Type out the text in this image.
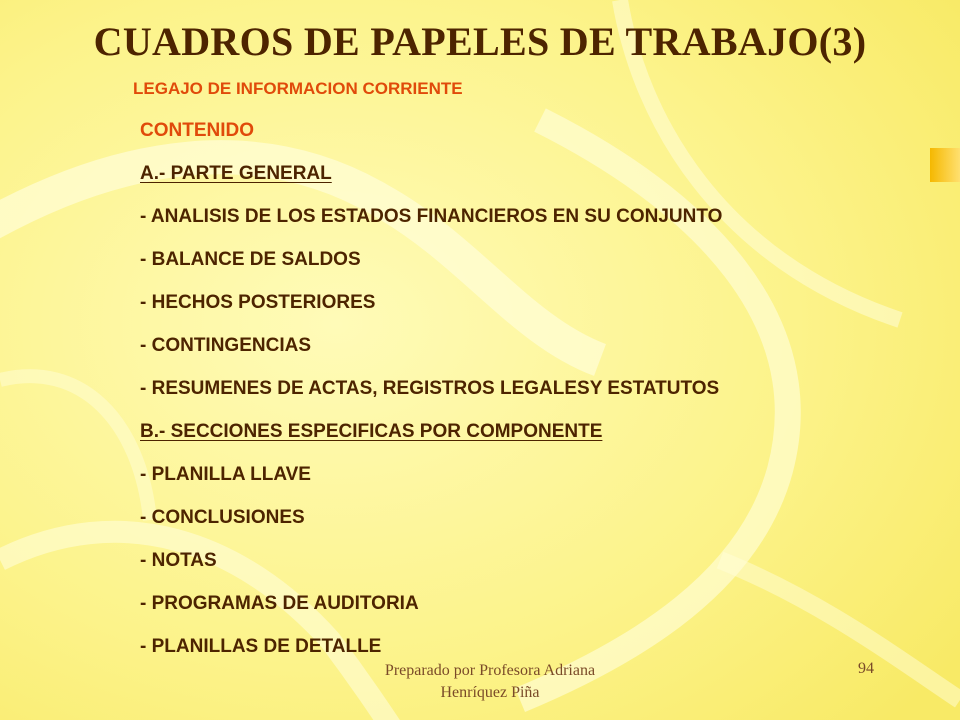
CUADROS DE PAPELES DE TRABAJO(3)
LEGAJO DE INFORMACION CORRIENTE
CONTENIDO
A.- PARTE GENERAL
- ANALISIS DE LOS ESTADOS FINANCIEROS EN SU CONJUNTO
- BALANCE DE SALDOS
- HECHOS POSTERIORES
- CONTINGENCIAS
- RESUMENES DE ACTAS, REGISTROS LEGALESY ESTATUTOS
B.- SECCIONES ESPECIFICAS POR COMPONENTE
- PLANILLA LLAVE
- CONCLUSIONES
- NOTAS
- PROGRAMAS DE AUDITORIA
- PLANILLAS DE DETALLE
Preparado por Profesora Adriana
Henríquez Piña
94
